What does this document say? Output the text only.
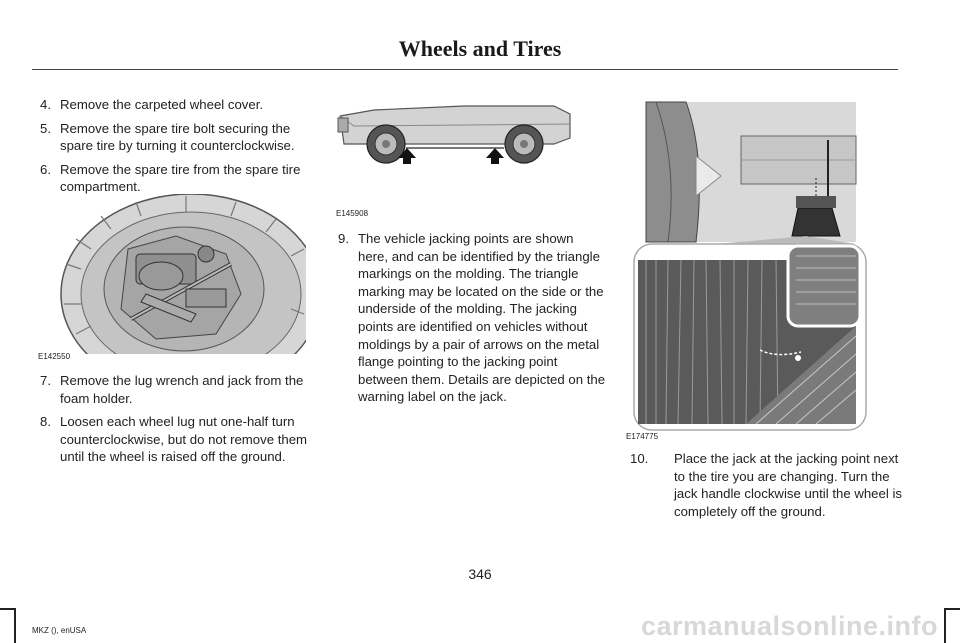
Wheels and Tires
4. Remove the carpeted wheel cover.
5. Remove the spare tire bolt securing the spare tire by turning it counterclockwise.
6. Remove the spare tire from the spare tire compartment.
E142550
7. Remove the lug wrench and jack from the foam holder.
8. Loosen each wheel lug nut one-half turn counterclockwise, but do not remove them until the wheel is raised off the ground.
E145908
9. The vehicle jacking points are shown here, and can be identified by the triangle markings on the molding. The triangle marking may be located on the side or the underside of the molding. The jacking points are identified on vehicles without moldings by a pair of arrows on the metal flange pointing to the jacking point between them. Details are depicted on the warning label on the jack.
E174775
10. Place the jack at the jacking point next to the tire you are changing. Turn the jack handle clockwise until the wheel is completely off the ground.
346
MKZ (), enUSA	carmanualsonline.info
